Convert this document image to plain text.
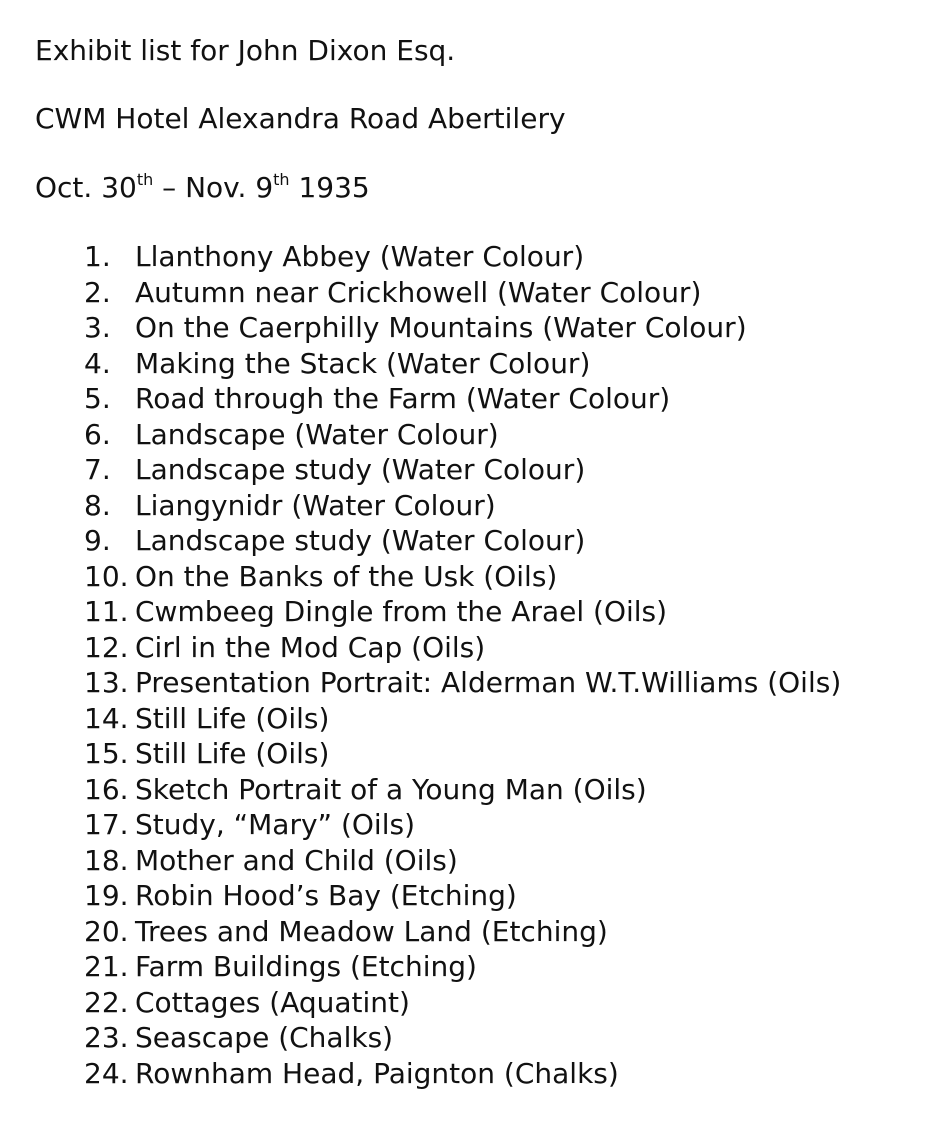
Exhibit list for John Dixon Esq.
CWM Hotel Alexandra Road Abertilery
Oct. 30th – Nov. 9th 1935
1. Llanthony Abbey (Water Colour)
2. Autumn near Crickhowell (Water Colour)
3. On the Caerphilly Mountains (Water Colour)
4. Making the Stack (Water Colour)
5. Road through the Farm (Water Colour)
6. Landscape (Water Colour)
7. Landscape study (Water Colour)
8. Liangynidr (Water Colour)
9. Landscape study (Water Colour)
10. On the Banks of the Usk (Oils)
11. Cwmbeeg Dingle from the Arael (Oils)
12. Cirl in the Mod Cap (Oils)
13. Presentation Portrait: Alderman W.T.Williams (Oils)
14. Still Life (Oils)
15. Still Life (Oils)
16. Sketch Portrait of a Young Man (Oils)
17. Study, “Mary” (Oils)
18. Mother and Child (Oils)
19. Robin Hood’s Bay (Etching)
20. Trees and Meadow Land (Etching)
21. Farm Buildings (Etching)
22. Cottages (Aquatint)
23. Seascape (Chalks)
24. Rownham Head, Paignton (Chalks)
